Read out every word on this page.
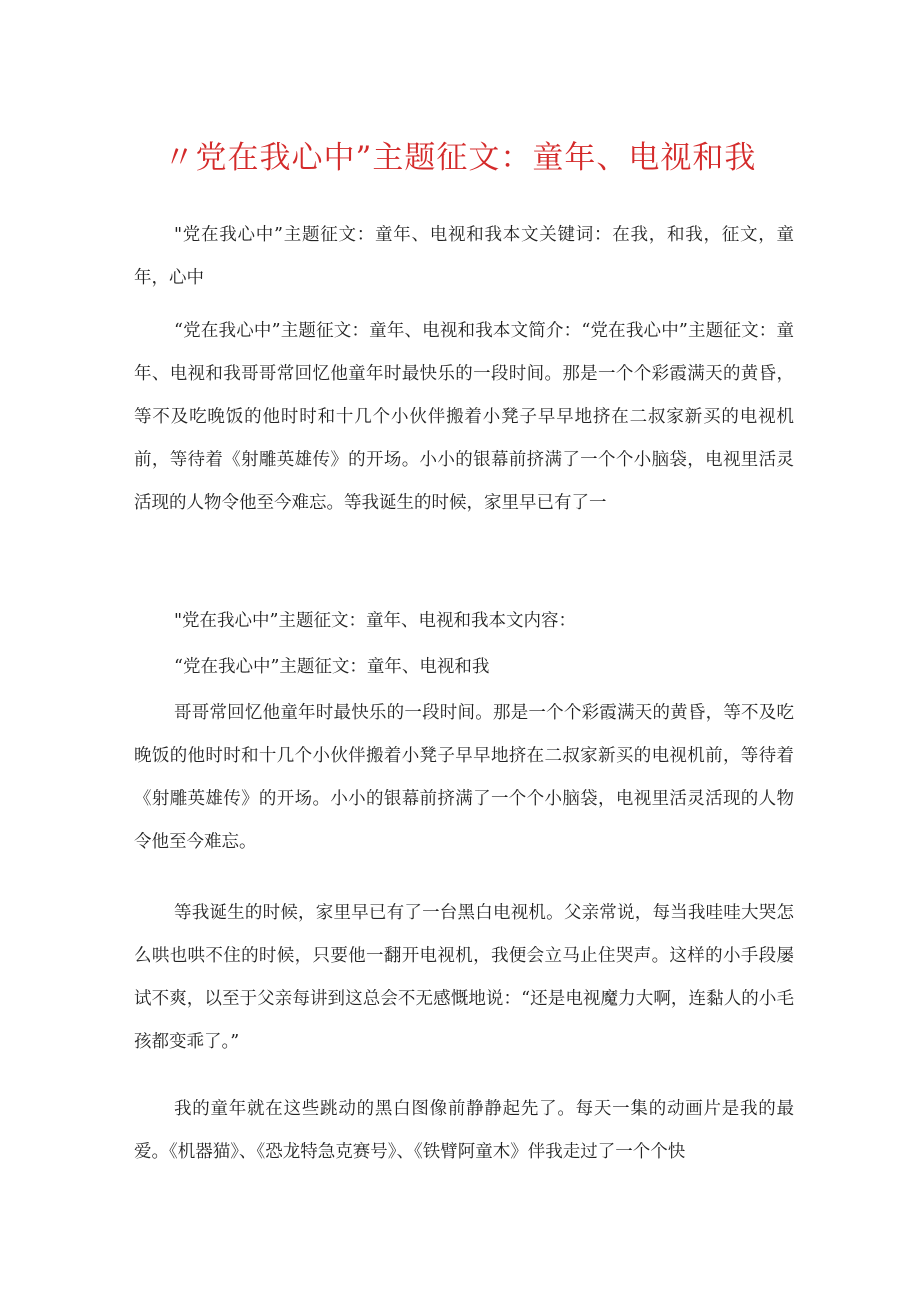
〃党在我心中”主题征文：童年、电视和我

"党在我心中”主题征文：童年、电视和我本文关键词：在我，和我，征文，童年，心中

“党在我心中”主题征文：童年、电视和我本文简介：“党在我心中”主题征文：童年、电视和我哥哥常回忆他童年时最快乐的一段时间。那是一个个彩霞满天的黄昏，等不及吃晚饭的他时时和十几个小伙伴搬着小凳子早早地挤在二叔家新买的电视机前，等待着《射雕英雄传》的开场。小小的银幕前挤满了一个个小脑袋，电视里活灵活现的人物令他至今难忘。等我诞生的时候，家里早已有了一

"党在我心中”主题征文：童年、电视和我本文内容：

“党在我心中”主题征文：童年、电视和我

哥哥常回忆他童年时最快乐的一段时间。那是一个个彩霞满天的黄昏，等不及吃晚饭的他时时和十几个小伙伴搬着小凳子早早地挤在二叔家新买的电视机前，等待着《射雕英雄传》的开场。小小的银幕前挤满了一个个小脑袋，电视里活灵活现的人物令他至今难忘。

等我诞生的时候，家里早已有了一台黑白电视机。父亲常说，每当我哇哇大哭怎么哄也哄不住的时候，只要他一翻开电视机，我便会立马止住哭声。这样的小手段屡试不爽，以至于父亲每讲到这总会不无感慨地说：“还是电视魔力大啊，连黏人的小毛孩都变乖了。”

我的童年就在这些跳动的黑白图像前静静起先了。每天一集的动画片是我的最爱。《机器猫》、《恐龙特急克赛号》、《铁臂阿童木》伴我走过了一个个快
